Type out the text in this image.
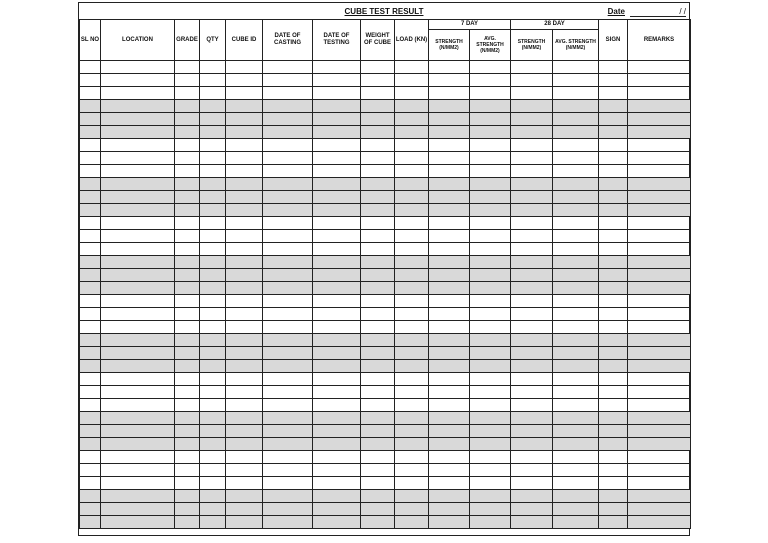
CUBE TEST RESULT	Date	/ /
SL NO	LOCATION	GRADE	QTY	CUBE ID	DATE OF CASTING	DATE OF TESTING	WEIGHT OF CUBE	LOAD (KN)	7 DAY		28 DAY		SIGN	REMARKS
									STRENGTH (N/MM2)	AVG. STRENGTH (N/MM2)	STRENGTH (N/MM2)	AVG. STRENGTH (N/MM2)		
